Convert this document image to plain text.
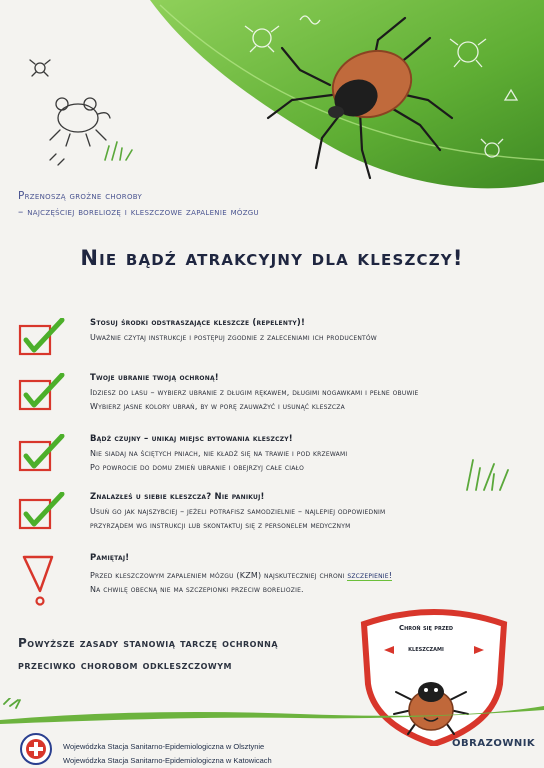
Przenoszą groźne choroby
– najczęściej boreliozę i kleszczowe zapalenie mózgu
Nie bądź atrakcyjny dla kleszczy!
Stosuj środki odstraszające kleszcze (repelenty)!
Uważnie czytaj instrukcje i postępuj zgodnie z zaleceniami ich producentów
Twoje ubranie twoją ochroną!
Idziesz do lasu – wybierz ubranie z długim rękawem, długimi nogawkami i pełne obuwie
Wybierz jasne kolory ubrań, by w porę zauważyć i usunąć kleszcza
Bądź czujny – unikaj miejsc bytowania kleszczy!
Nie siadaj na ściętych pniach, nie kładź się na trawie i pod krzewami
Po powrocie do domu zmień ubranie i obejrzyj całe ciało
Znalazłeś u siebie kleszcza? Nie panikuj!
Usuń go jak najszybciej – jeżeli potrafisz samodzielnie – najlepiej odpowiednim
przyrządem wg instrukcji lub skontaktuj się z personelem medycznym
Pamiętaj!
Przed kleszczowym zapaleniem mózgu (KZM) najskuteczniej chroni szczepienie!
Na chwilę obecną nie ma szczepionki przeciw boreliozie.
Powyższe zasady stanowią tarczę ochronną
przeciwko chorobom odkleszczowym
Chroń się przed
kleszczami
Wojewódzka Stacja Sanitarno-Epidemiologiczna w Olsztynie
Wojewódzka Stacja Sanitarno-Epidemiologiczna w Katowicach
OBRAZOWNIK
